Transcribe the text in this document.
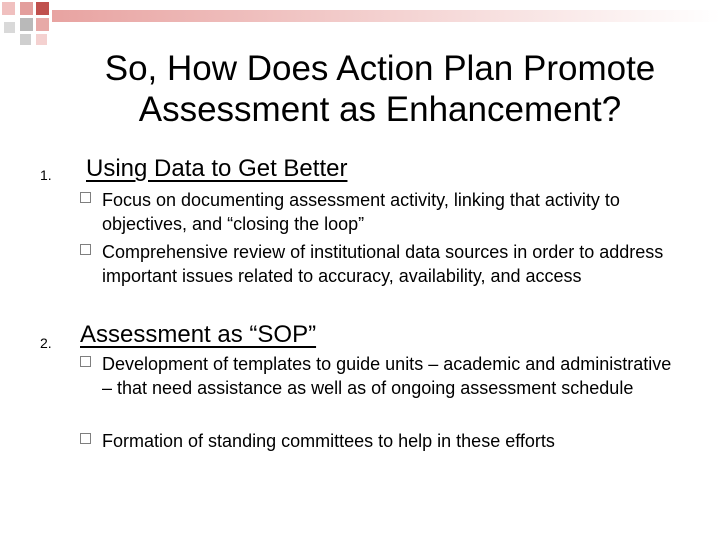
So, How Does Action Plan Promote
Assessment as Enhancement?
1. Using Data to Get Better
Focus on documenting assessment activity, linking that activity to objectives, and “closing the loop”
Comprehensive review of institutional data sources in order to address important issues related to accuracy, availability, and access
2. Assessment as “SOP”
Development of templates to guide units – academic and administrative – that need assistance as well as of ongoing assessment schedule
Formation of standing committees to help in these efforts
